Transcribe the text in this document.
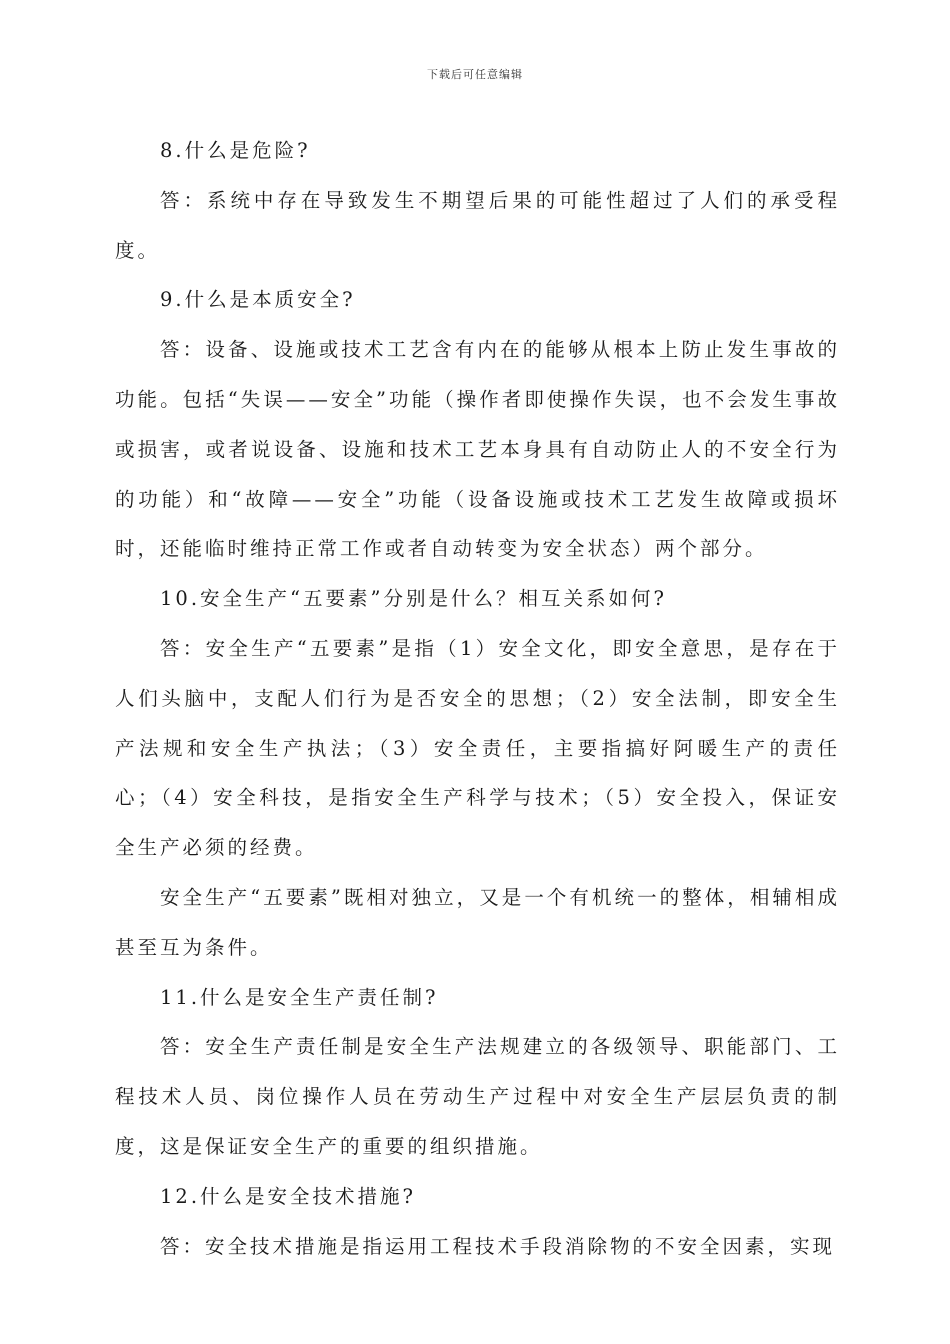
下载后可任意编辑

8.什么是危险?

答：系统中存在导致发生不期望后果的可能性超过了人们的承受程度。

9.什么是本质安全?

答：设备、设施或技术工艺含有内在的能够从根本上防止发生事故的功能。包括“失误——安全”功能（操作者即使操作失误，也不会发生事故或损害，或者说设备、设施和技术工艺本身具有自动防止人的不安全行为的功能）和“故障——安全”功能（设备设施或技术工艺发生故障或损坏时，还能临时维持正常工作或者自动转变为安全状态）两个部分。

10.安全生产“五要素”分别是什么？相互关系如何?

答：安全生产“五要素”是指（1）安全文化，即安全意思，是存在于人们头脑中，支配人们行为是否安全的思想；（2）安全法制，即安全生产法规和安全生产执法；（3）安全责任，主要指搞好阿暖生产的责任心；（4）安全科技，是指安全生产科学与技术；（5）安全投入，保证安全生产必须的经费。

安全生产“五要素”既相对独立，又是一个有机统一的整体，相辅相成甚至互为条件。

11.什么是安全生产责任制?

答：安全生产责任制是安全生产法规建立的各级领导、职能部门、工程技术人员、岗位操作人员在劳动生产过程中对安全生产层层负责的制度，这是保证安全生产的重要的组织措施。

12.什么是安全技术措施?

答：安全技术措施是指运用工程技术手段消除物的不安全因素，实现
